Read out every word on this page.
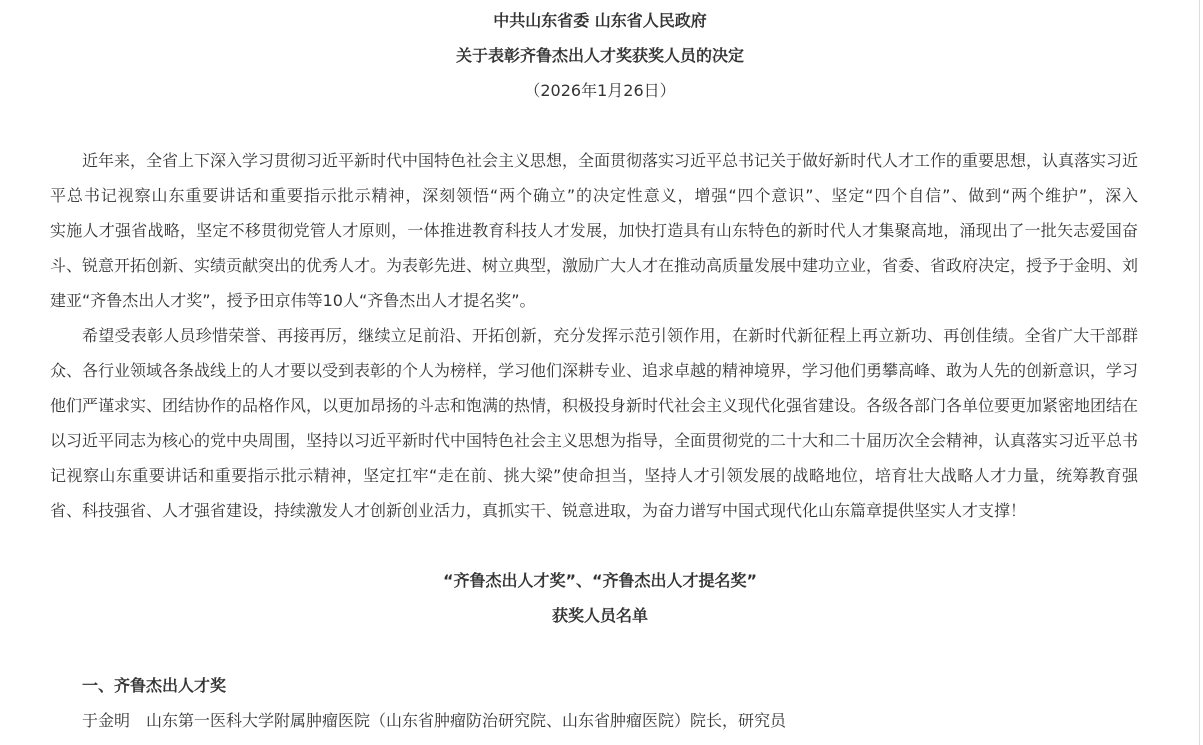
中共山东省委 山东省人民政府
关于表彰齐鲁杰出人才奖获奖人员的决定
（2026年1月26日）

近年来，全省上下深入学习贯彻习近平新时代中国特色社会主义思想，全面贯彻落实习近平总书记关于做好新时代人才工作的重要思想，认真落实习近
平总书记视察山东重要讲话和重要指示批示精神，深刻领悟“两个确立”的决定性意义，增强“四个意识”、坚定“四个自信”、做到“两个维护”，深入
实施人才强省战略，坚定不移贯彻党管人才原则，一体推进教育科技人才发展，加快打造具有山东特色的新时代人才集聚高地，涌现出了一批矢志爱国奋
斗、锐意开拓创新、实绩贡献突出的优秀人才。为表彰先进、树立典型，激励广大人才在推动高质量发展中建功立业，省委、省政府决定，授予于金明、刘
建亚“齐鲁杰出人才奖”，授予田京伟等10人“齐鲁杰出人才提名奖”。

希望受表彰人员珍惜荣誉、再接再厉，继续立足前沿、开拓创新，充分发挥示范引领作用，在新时代新征程上再立新功、再创佳绩。全省广大干部群
众、各行业领域各条战线上的人才要以受到表彰的个人为榜样，学习他们深耕专业、追求卓越的精神境界，学习他们勇攀高峰、敢为人先的创新意识，学习
他们严谨求实、团结协作的品格作风，以更加昂扬的斗志和饱满的热情，积极投身新时代社会主义现代化强省建设。各级各部门各单位要更加紧密地团结在
以习近平同志为核心的党中央周围，坚持以习近平新时代中国特色社会主义思想为指导，全面贯彻党的二十大和二十届历次全会精神，认真落实习近平总书
记视察山东重要讲话和重要指示批示精神，坚定扛牢“走在前、挑大梁”使命担当，坚持人才引领发展的战略地位，培育壮大战略人才力量，统筹教育强
省、科技强省、人才强省建设，持续激发人才创新创业活力，真抓实干、锐意进取，为奋力谱写中国式现代化山东篇章提供坚实人才支撑！

“齐鲁杰出人才奖”、“齐鲁杰出人才提名奖”
获奖人员名单
一、齐鲁杰出人才奖
于金明 山东第一医科大学附属肿瘤医院（山东省肿瘤防治研究院、山东省肿瘤医院）院长，研究员
